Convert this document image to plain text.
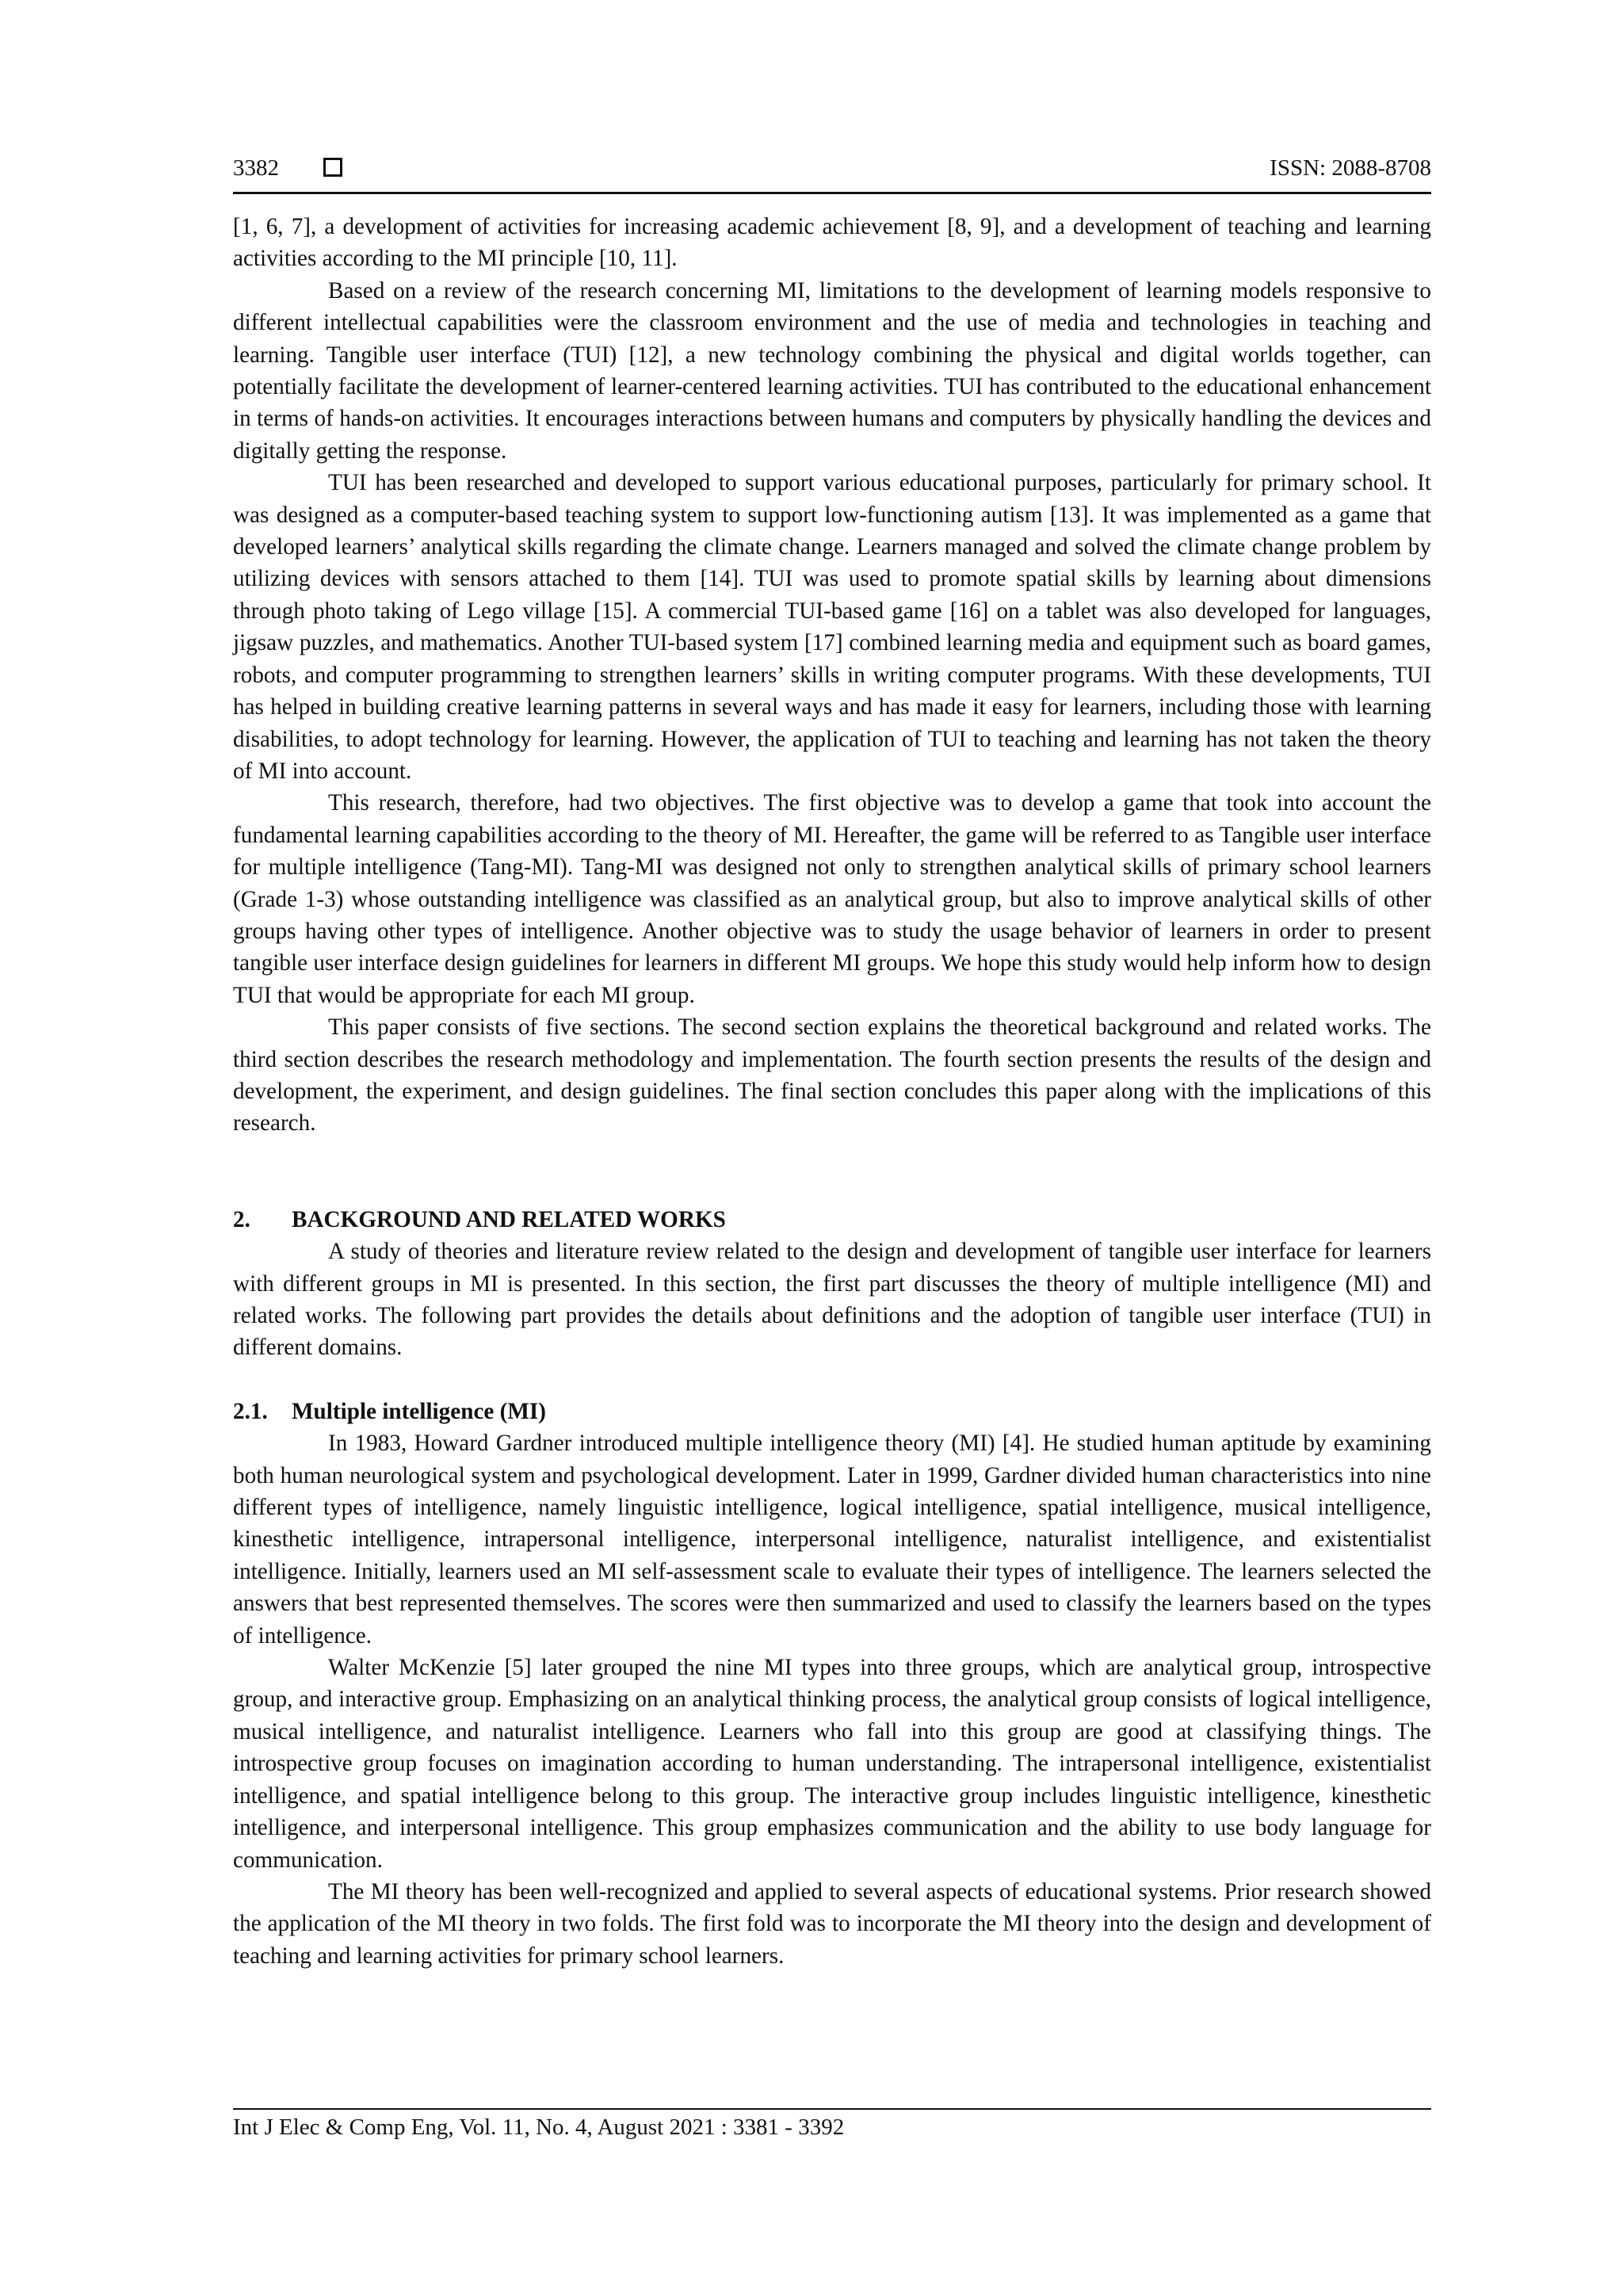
3382	ISSN: 2088-8708

[1, 6, 7], a development of activities for increasing academic achievement [8, 9], and a development of teaching and learning activities according to the MI principle [10, 11].

Based on a review of the research concerning MI, limitations to the development of learning models responsive to different intellectual capabilities were the classroom environment and the use of media and technologies in teaching and learning. Tangible user interface (TUI) [12], a new technology combining the physical and digital worlds together, can potentially facilitate the development of learner-centered learning activities. TUI has contributed to the educational enhancement in terms of hands-on activities. It encourages interactions between humans and computers by physically handling the devices and digitally getting the response.

TUI has been researched and developed to support various educational purposes, particularly for primary school. It was designed as a computer-based teaching system to support low-functioning autism [13]. It was implemented as a game that developed learners’ analytical skills regarding the climate change. Learners managed and solved the climate change problem by utilizing devices with sensors attached to them [14]. TUI was used to promote spatial skills by learning about dimensions through photo taking of Lego village [15]. A commercial TUI-based game [16] on a tablet was also developed for languages, jigsaw puzzles, and mathematics. Another TUI-based system [17] combined learning media and equipment such as board games, robots, and computer programming to strengthen learners’ skills in writing computer programs. With these developments, TUI has helped in building creative learning patterns in several ways and has made it easy for learners, including those with learning disabilities, to adopt technology for learning. However, the application of TUI to teaching and learning has not taken the theory of MI into account.

This research, therefore, had two objectives. The first objective was to develop a game that took into account the fundamental learning capabilities according to the theory of MI. Hereafter, the game will be referred to as Tangible user interface for multiple intelligence (Tang-MI). Tang-MI was designed not only to strengthen analytical skills of primary school learners (Grade 1-3) whose outstanding intelligence was classified as an analytical group, but also to improve analytical skills of other groups having other types of intelligence. Another objective was to study the usage behavior of learners in order to present tangible user interface design guidelines for learners in different MI groups. We hope this study would help inform how to design TUI that would be appropriate for each MI group.

This paper consists of five sections. The second section explains the theoretical background and related works. The third section describes the research methodology and implementation. The fourth section presents the results of the design and development, the experiment, and design guidelines. The final section concludes this paper along with the implications of this research.

2. BACKGROUND AND RELATED WORKS

A study of theories and literature review related to the design and development of tangible user interface for learners with different groups in MI is presented. In this section, the first part discusses the theory of multiple intelligence (MI) and related works. The following part provides the details about definitions and the adoption of tangible user interface (TUI) in different domains.

2.1. Multiple intelligence (MI)

In 1983, Howard Gardner introduced multiple intelligence theory (MI) [4]. He studied human aptitude by examining both human neurological system and psychological development. Later in 1999, Gardner divided human characteristics into nine different types of intelligence, namely linguistic intelligence, logical intelligence, spatial intelligence, musical intelligence, kinesthetic intelligence, intrapersonal intelligence, interpersonal intelligence, naturalist intelligence, and existentialist intelligence. Initially, learners used an MI self-assessment scale to evaluate their types of intelligence. The learners selected the answers that best represented themselves. The scores were then summarized and used to classify the learners based on the types of intelligence.

Walter McKenzie [5] later grouped the nine MI types into three groups, which are analytical group, introspective group, and interactive group. Emphasizing on an analytical thinking process, the analytical group consists of logical intelligence, musical intelligence, and naturalist intelligence. Learners who fall into this group are good at classifying things. The introspective group focuses on imagination according to human understanding. The intrapersonal intelligence, existentialist intelligence, and spatial intelligence belong to this group. The interactive group includes linguistic intelligence, kinesthetic intelligence, and interpersonal intelligence. This group emphasizes communication and the ability to use body language for communication.

The MI theory has been well-recognized and applied to several aspects of educational systems. Prior research showed the application of the MI theory in two folds. The first fold was to incorporate the MI theory into the design and development of teaching and learning activities for primary school learners.

Int J Elec & Comp Eng, Vol. 11, No. 4, August 2021 : 3381 - 3392
